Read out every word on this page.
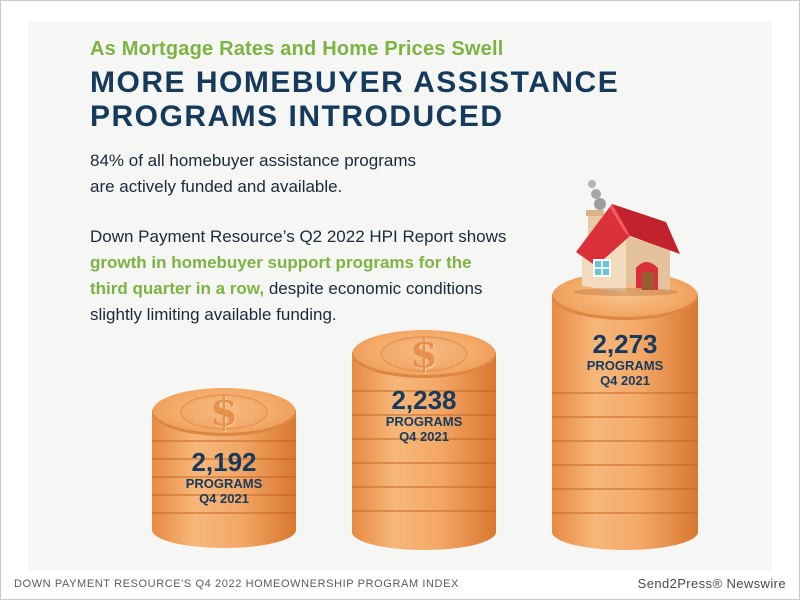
As Mortgage Rates and Home Prices Swell
MORE HOMEBUYER ASSISTANCE
PROGRAMS INTRODUCED
84% of all homebuyer assistance programs
are actively funded and available.
Down Payment Resource’s Q2 2022 HPI Report shows
growth in homebuyer support programs for the
third quarter in a row, despite economic conditions
slightly limiting available funding.
$
2,192
PROGRAMS
Q4 2021
$
2,238
PROGRAMS
Q4 2021
2,273
PROGRAMS
Q4 2021
DOWN PAYMENT RESOURCE'S Q4 2022 HOMEOWNERSHIP PROGRAM INDEX	Send2Press® Newswire
